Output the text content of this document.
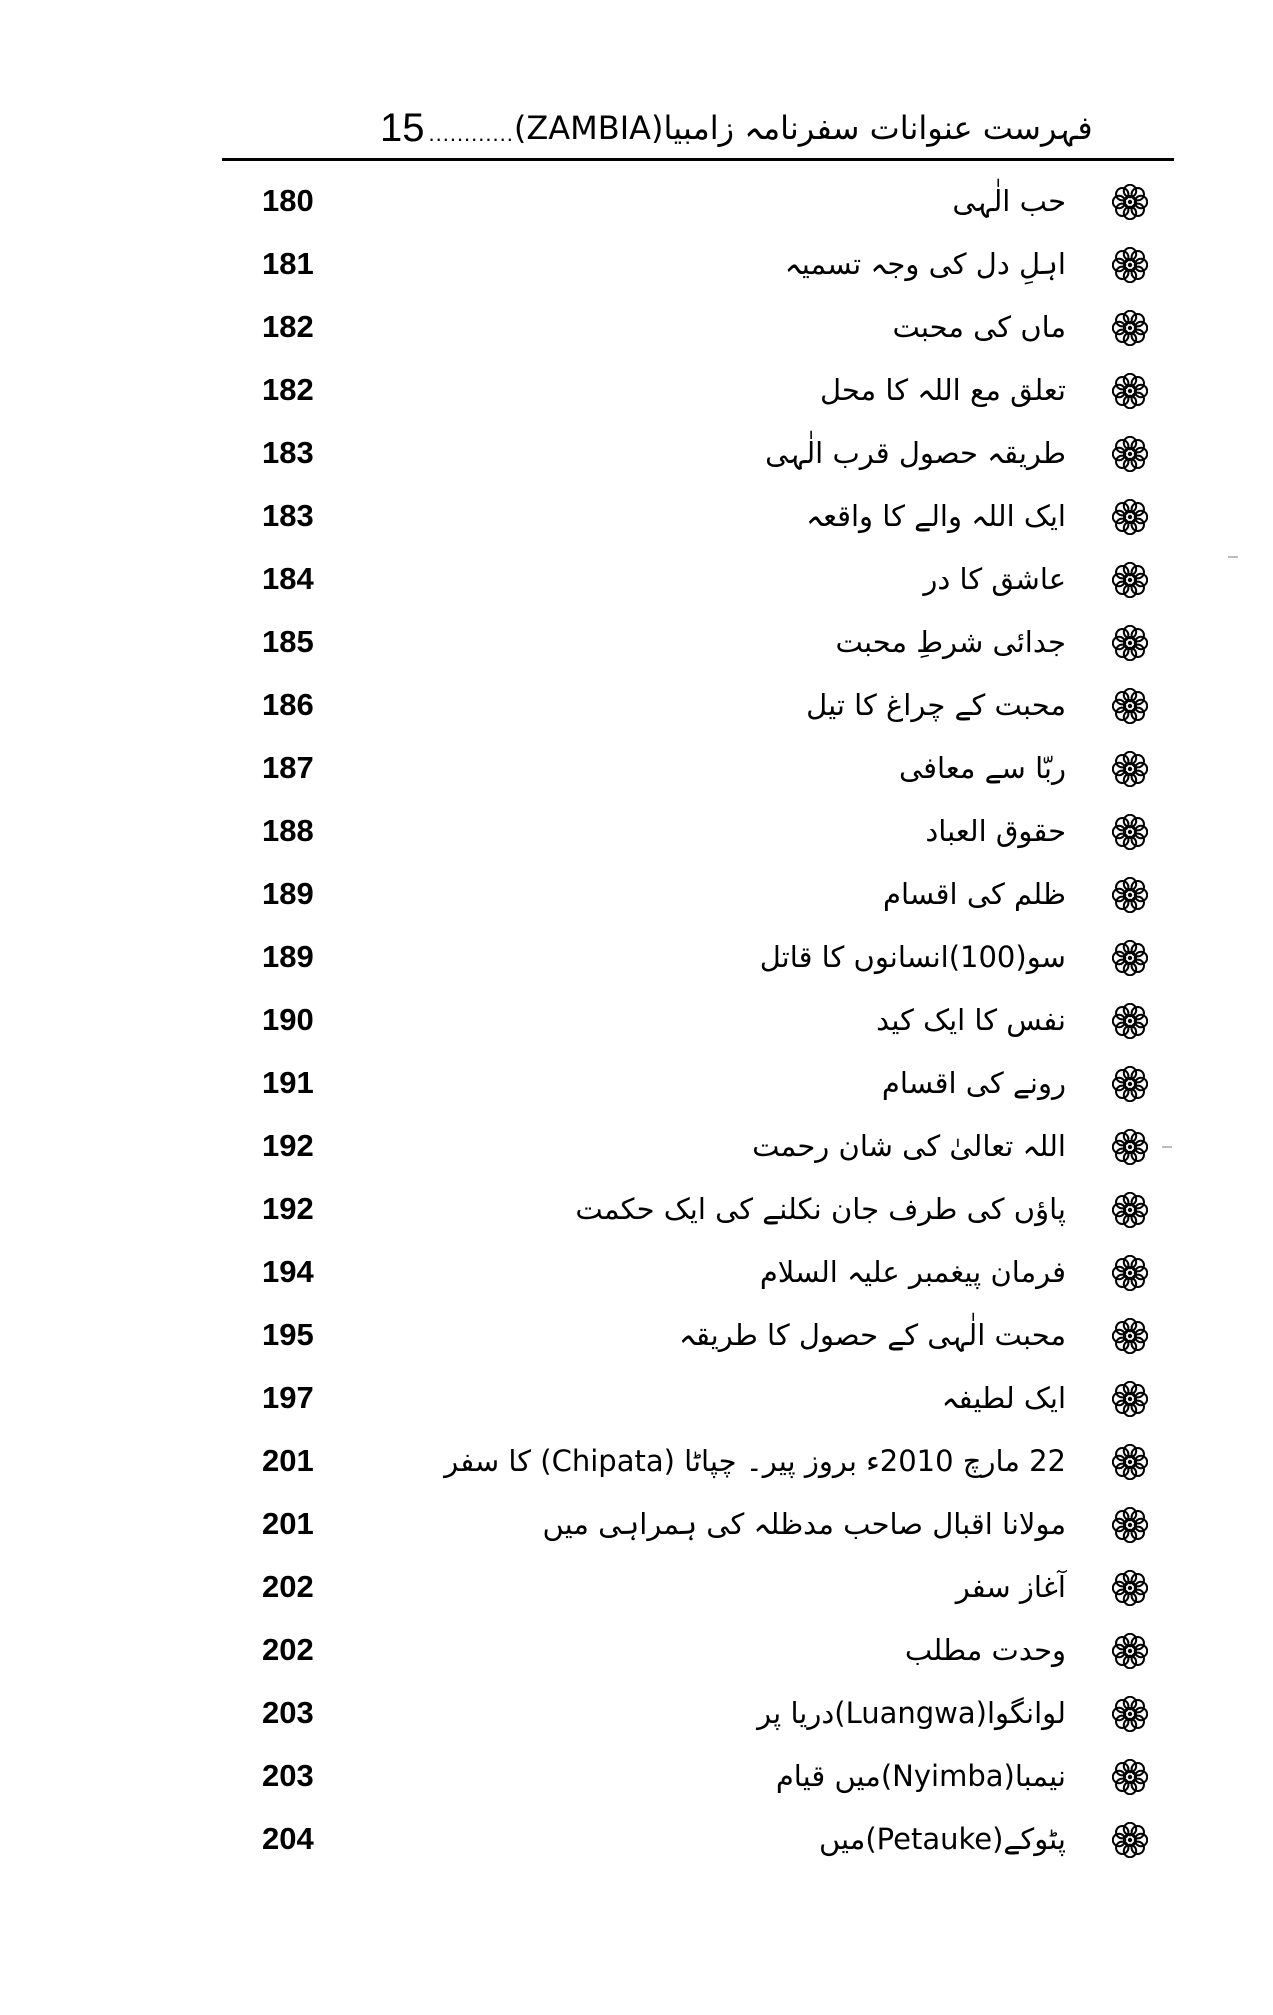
15 ............ فہرست عنوانات سفرنامہ زامبیا(ZAMBIA)
حب الٰہی
180
اہلِ دل کی وجہ تسمیہ
181
ماں کی محبت
182
تعلق مع اللہ کا محل
182
طریقہ حصول قرب الٰہی
183
ایک اللہ والے کا واقعہ
183
عاشق کا در
184
جدائی شرطِ محبت
185
محبت کے چراغ کا تیل
186
ربّا سے معافی
187
حقوق العباد
188
ظلم کی اقسام
189
سو(100)انسانوں کا قاتل
189
نفس کا ایک کید
190
رونے کی اقسام
191
اللہ تعالیٰ کی شان رحمت
192
پاؤں کی طرف جان نکلنے کی ایک حکمت
192
فرمان پیغمبر علیہ السلام
194
محبت الٰہی کے حصول کا طریقہ
195
ایک لطیفہ
197
22 مارچ 2010ء بروز پیر۔ چپاٹا (Chipata) کا سفر
201
مولانا اقبال صاحب مدظلہ کی ہمراہی میں
201
آغاز سفر
202
وحدت مطلب
202
لوانگوا(Luangwa)دریا پر
203
نیمبا(Nyimba)میں قیام
203
پٹوکے(Petauke)میں
204
